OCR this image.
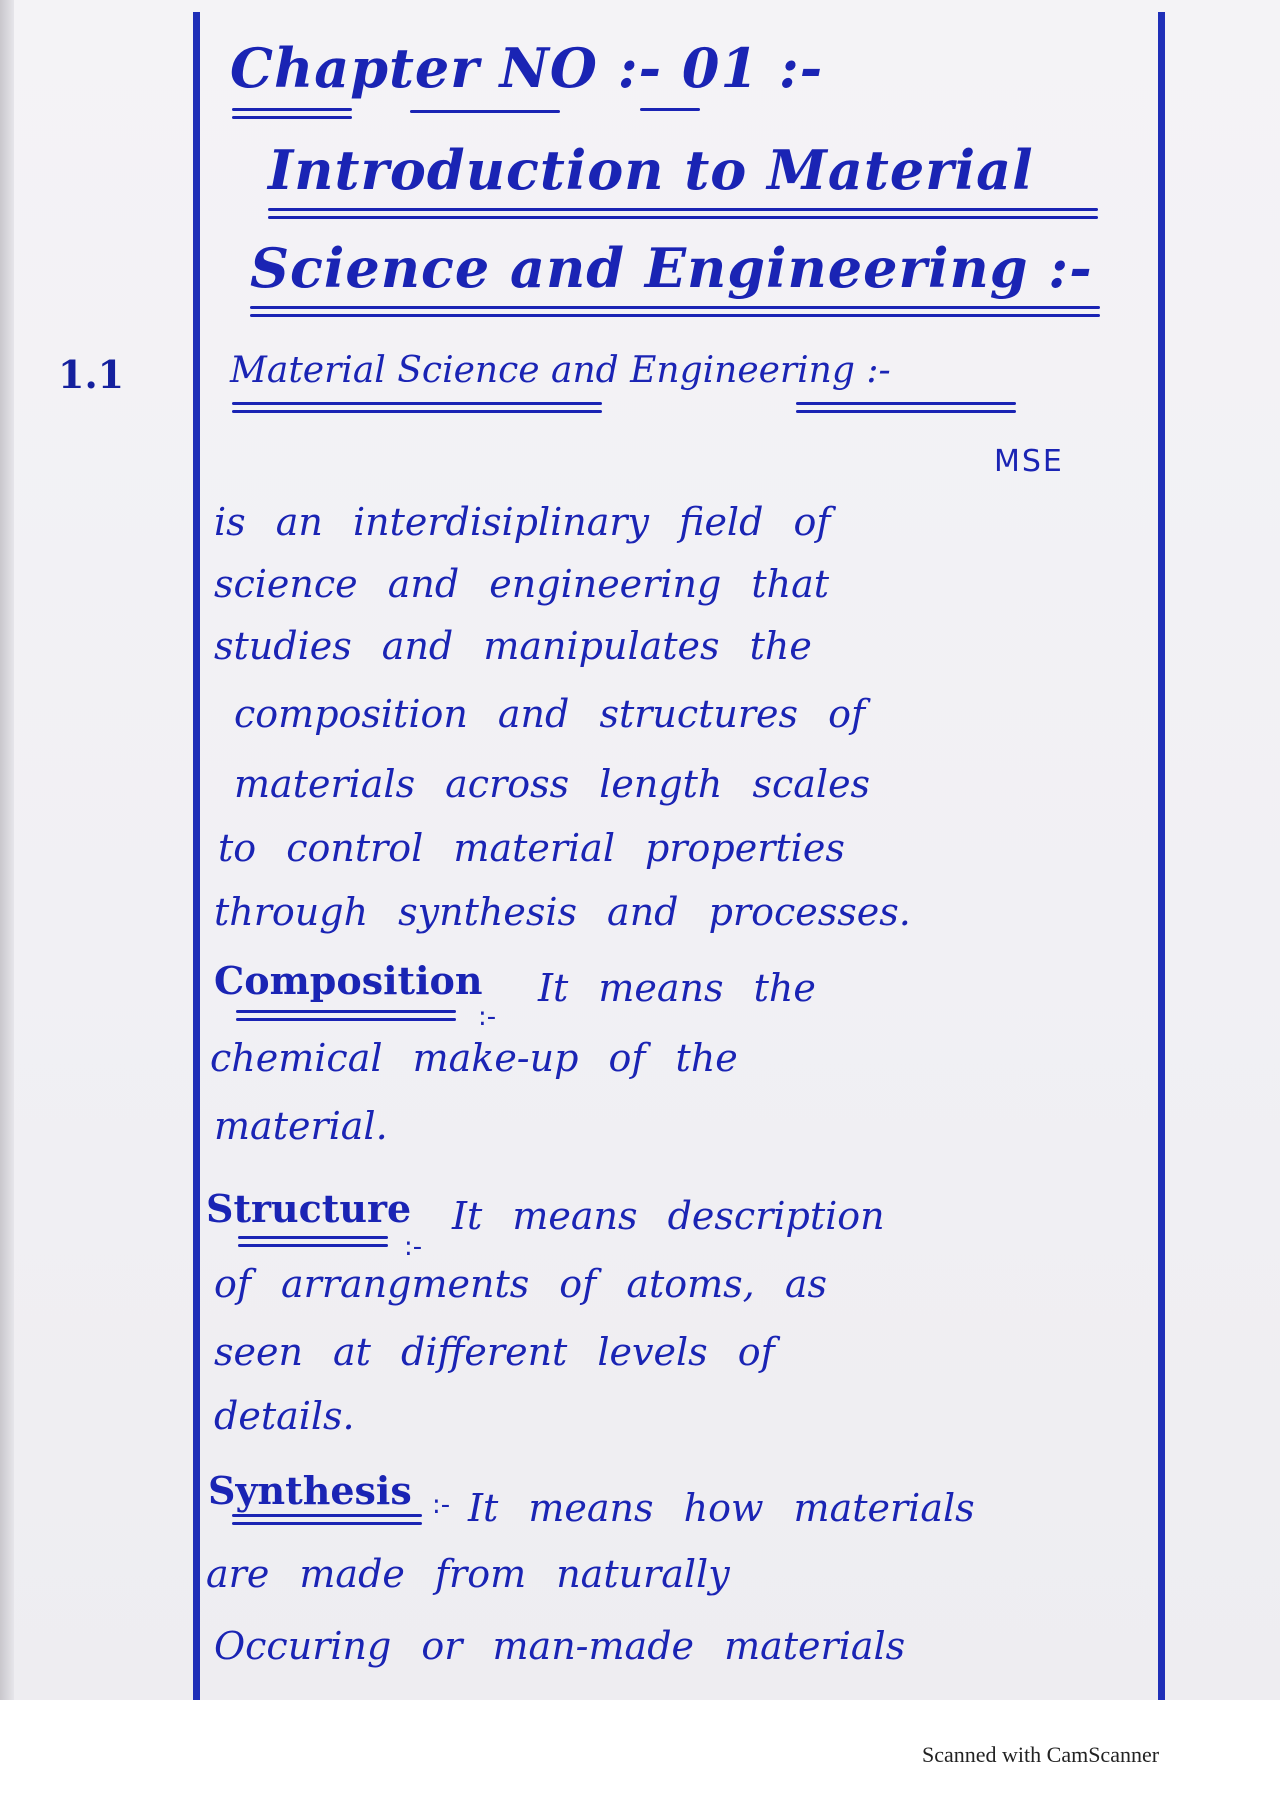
Chapter NO :- 01 :-
Introduction to Material
Science and Engineering :-
1.1	Material Science and Engineering :-
MSE
is an interdisiplinary field of
science and engineering that
studies and manipulates the
composition and structures of
materials across length scales
to control material properties
through synthesis and processes.
Composition
:-
It means the
chemical make-up of the
material.
Structure
:-
It means description
of arrangments of atoms, as
seen at different levels of
details.
Synthesis :- It means how materials
are made from naturally
Occuring or man-made materials
Scanned with CamScanner
